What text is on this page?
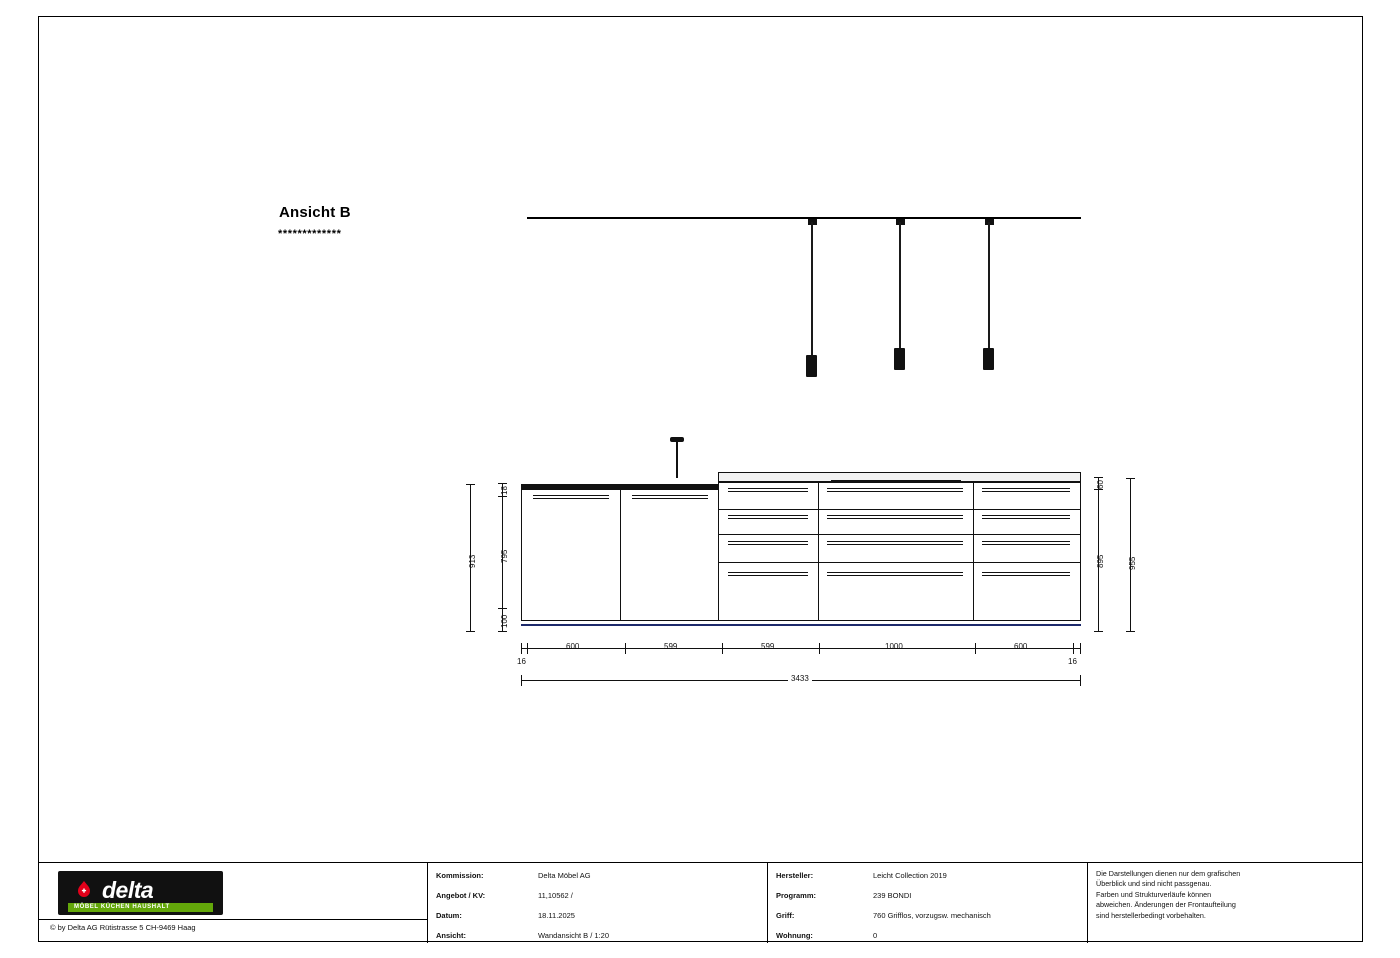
Ansicht B
*************
913	795
18
100
955
895
60
16
600	599	599	1000	600
16
3433
delta
MÖBEL KÜCHEN HAUSHALT
© by Delta AG Rütistrasse 5 CH-9469 Haag
Kommission:	Delta Möbel AG
Angebot / KV:	11,10562 /
Datum:	18.11.2025
Ansicht:	Wandansicht B / 1:20
Hersteller:	Leicht Collection 2019
Programm:	239 BONDI
Griff:	760 Grifflos, vorzugsw. mechanisch
Wohnung:	0
Die Darstellungen dienen nur dem grafischen
Überblick und sind nicht passgenau.
Farben und Strukturverläufe können
abweichen. Änderungen der Frontaufteilung
sind herstellerbedingt vorbehalten.
